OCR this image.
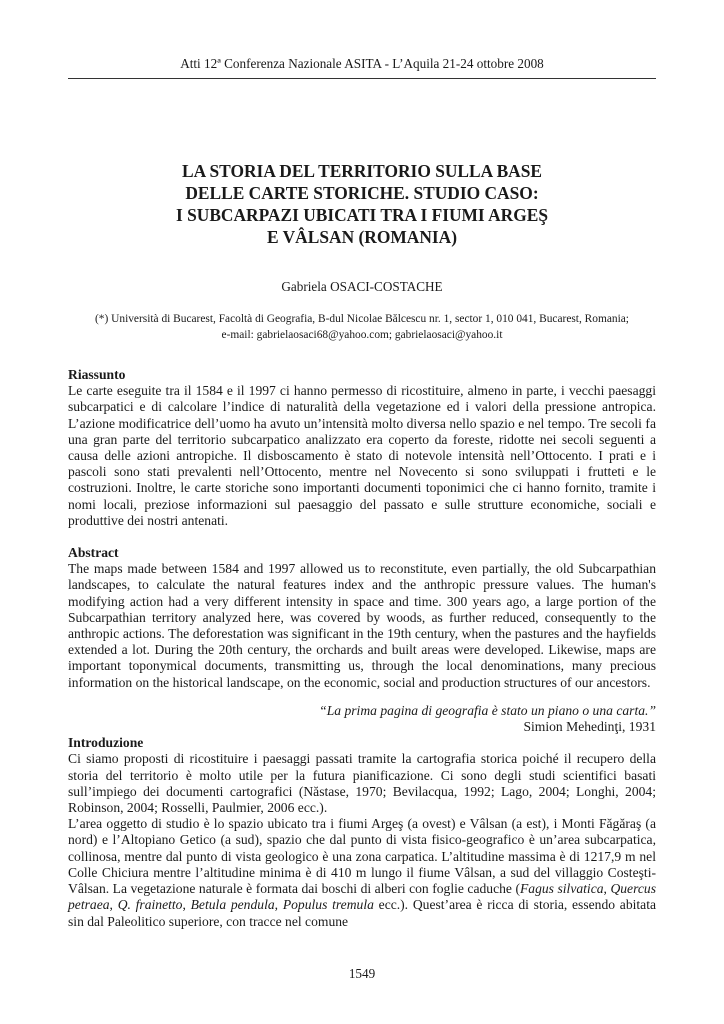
Atti 12ª Conferenza Nazionale ASITA - L’Aquila 21-24 ottobre 2008
LA STORIA DEL TERRITORIO SULLA BASE
DELLE CARTE STORICHE. STUDIO CASO:
I SUBCARPAZI UBICATI TRA I FIUMI ARGEŞ
E VÂLSAN (ROMANIA)
Gabriela OSACI-COSTACHE
(*) Università di Bucarest, Facoltà di Geografia, B-dul Nicolae Bălcescu nr. 1, sector 1, 010 041, Bucarest, Romania;
e-mail: gabrielaosaci68@yahoo.com; gabrielaosaci@yahoo.it
Riassunto
Le carte eseguite tra il 1584 e il 1997 ci hanno permesso di ricostituire, almeno in parte, i vecchi paesaggi subcarpatici e di calcolare l’indice di naturalità della vegetazione ed i valori della pressione antropica. L’azione modificatrice dell’uomo ha avuto un’intensità molto diversa nello spazio e nel tempo. Tre secoli fa una gran parte del territorio subcarpatico analizzato era coperto da foreste, ridotte nei secoli seguenti a causa delle azioni antropiche. Il disboscamento è stato di notevole intensità nell’Ottocento. I prati e i pascoli sono stati prevalenti nell’Ottocento, mentre nel Novecento si sono sviluppati i frutteti e le costruzioni. Inoltre, le carte storiche sono importanti documenti toponimici che ci hanno fornito, tramite i nomi locali, preziose informazioni sul paesaggio del passato e sulle strutture economiche, sociali e produttive dei nostri antenati.
Abstract
The maps made between 1584 and 1997 allowed us to reconstitute, even partially, the old Subcarpathian landscapes, to calculate the natural features index and the anthropic pressure values. The human's modifying action had a very different intensity in space and time. 300 years ago, a large portion of the Subcarpathian territory analyzed here, was covered by woods, as further reduced, consequently to the anthropic actions. The deforestation was significant in the 19th century, when the pastures and the hayfields extended a lot. During the 20th century, the orchards and built areas were developed. Likewise, maps are important toponymical documents, transmitting us, through the local denominations, many precious information on the historical landscape, on the economic, social and production structures of our ancestors.
“La prima pagina di geografia è stato un piano o una carta.”
Simion Mehedinţi, 1931
Introduzione
Ci siamo proposti di ricostituire i paesaggi passati tramite la cartografia storica poiché il recupero della storia del territorio è molto utile per la futura pianificazione. Ci sono degli studi scientifici basati sull’impiego dei documenti cartografici (Năstase, 1970; Bevilacqua, 1992; Lago, 2004; Longhi, 2004; Robinson, 2004; Rosselli, Paulmier, 2006 ecc.).
L’area oggetto di studio è lo spazio ubicato tra i fiumi Argeş (a ovest) e Vâlsan (a est), i Monti Făgăraş (a nord) e l’Altopiano Getico (a sud), spazio che dal punto di vista fisico-geografico è un’area subcarpatica, collinosa, mentre dal punto di vista geologico è una zona carpatica. L’altitudine massima è di 1217,9 m nel Colle Chiciura mentre l’altitudine minima è di 410 m lungo il fiume Vâlsan, a sud del villaggio Costeşti-Vâlsan. La vegetazione naturale è formata dai boschi di alberi con foglie caduche (Fagus silvatica, Quercus petraea, Q. frainetto, Betula pendula, Populus tremula ecc.). Quest’area è ricca di storia, essendo abitata sin dal Paleolitico superiore, con tracce nel comune
1549
